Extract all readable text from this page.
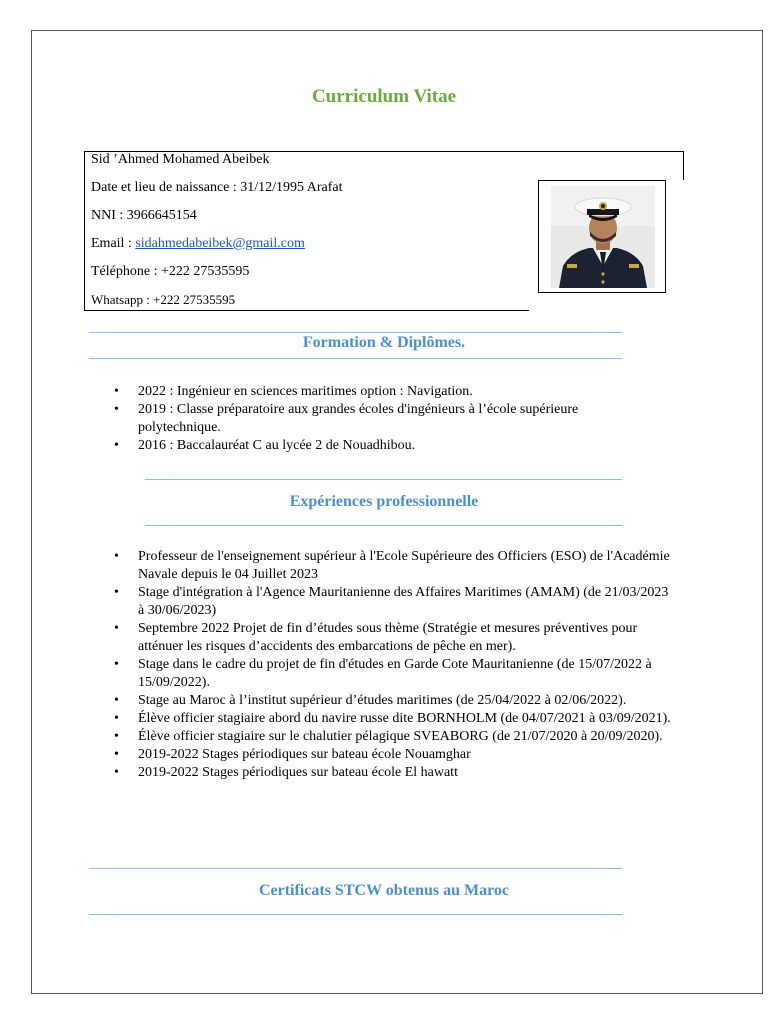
Curriculum Vitae
Sid ’Ahmed Mohamed Abeibek
Date et lieu de naissance : 31/12/1995 Arafat
NNI : 3966645154
Email : sidahmedabeibek@gmail.com
Téléphone : +222 27535595
Whatsapp : +222 27535595
Formation & Diplômes.
• 2022 : Ingénieur en sciences maritimes option : Navigation.
• 2019 : Classe préparatoire aux grandes écoles d'ingénieurs à l’école supérieure polytechnique.
• 2016 : Baccalauréat C au lycée 2 de Nouadhibou.
Expériences professionnelle
• Professeur de l'enseignement supérieur à l'Ecole Supérieure des Officiers (ESO) de l'Académie Navale depuis le 04 Juillet 2023
• Stage d'intégration à l'Agence Mauritanienne des Affaires Maritimes (AMAM) (de 21/03/2023 à 30/06/2023)
• Septembre 2022 Projet de fin d’études sous thème (Stratégie et mesures préventives pour atténuer les risques d’accidents des embarcations de pêche en mer).
• Stage dans le cadre du projet de fin d'études en Garde Cote Mauritanienne (de 15/07/2022 à 15/09/2022).
• Stage au Maroc à l’institut supérieur d’études maritimes (de 25/04/2022 à 02/06/2022).
• Élève officier stagiaire abord du navire russe dite BORNHOLM (de 04/07/2021 à 03/09/2021).
• Élève officier stagiaire sur le chalutier pélagique SVEABORG (de 21/07/2020 à 20/09/2020).
• 2019-2022 Stages périodiques sur bateau école Nouamghar
• 2019-2022 Stages périodiques sur bateau école El hawatt
Certificats STCW obtenus au Maroc
